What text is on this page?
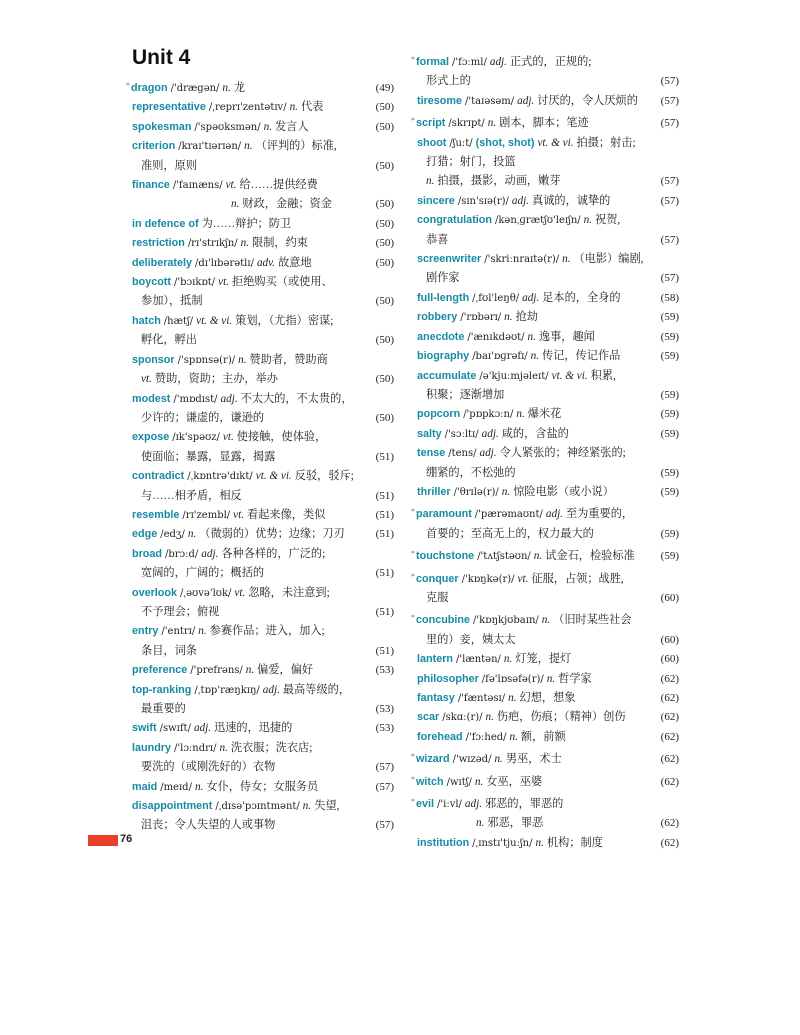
Unit 4
*dragon /'drægən/ n. 龙	(49)
representative /ˌreprɪ'zentətɪv/ n. 代表	(50)
spokesman /'spəʊksmən/ n. 发言人	(50)
criterion /kraɪ'tɪərɪən/ n. （评判的）标准,
准则，原则	(50)
finance /'faɪnæns/ vt. 给……提供经费
n. 财政，金融；资金	(50)
in defence of 为……辩护；防卫	(50)
restriction /rɪ'strɪkʃn/ n. 限制，约束	(50)
deliberately /dɪ'lɪbərətlɪ/ adv. 故意地	(50)
boycott /'bɔɪkɒt/ vt. 拒绝购买（或使用、
参加），抵制	(50)
hatch /hætʃ/ vt. & vi. 策划，（尤指）密谋;
孵化，孵出	(50)
sponsor /'spɒnsə(r)/ n. 赞助者，赞助商
vt. 赞助，资助；主办，举办	(50)
modest /'mɒdɪst/ adj. 不太大的，不太贵的，
少许的；谦虚的，谦逊的	(50)
expose /ɪk'spəʊz/ vt. 使接触，使体验，
使面临；暴露，显露，揭露	(51)
contradict /ˌkɒntrə'dɪkt/ vt. & vi. 反驳，驳斥;
与……相矛盾，相反	(51)
resemble /rɪ'zembl/ vt. 看起来像，类似	(51)
edge /edʒ/ n. （微弱的）优势；边缘；刀刃	(51)
broad /brɔːd/ adj. 各种各样的，广泛的;
宽阔的，广阔的；概括的	(51)
overlook /ˌəʊvə'lʊk/ vt. 忽略，未注意到;
不予理会；俯视	(51)
entry /'entrɪ/ n. 参赛作品；进入，加入;
条目，词条	(51)
preference /'prefrəns/ n. 偏爱，偏好	(53)
top-ranking /ˌtɒp'ræŋkɪŋ/ adj. 最高等级的，
最重要的	(53)
swift /swɪft/ adj. 迅速的，迅捷的	(53)
laundry /'lɔːndrɪ/ n. 洗衣服；洗衣店;
要洗的（或刚洗好的）衣物	(57)
maid /meɪd/ n. 女仆，侍女；女服务员	(57)
disappointment /ˌdɪsə'pɔɪntmənt/ n. 失望,
沮丧；令人失望的人或事物	(57)
*formal /'fɔːml/ adj. 正式的，正规的;
形式上的	(57)
tiresome /'taɪəsəm/ adj. 讨厌的，令人厌烦的	(57)
*script /skrɪpt/ n. 剧本，脚本；笔迹	(57)
shoot /ʃuːt/ (shot, shot) vt. & vi. 拍摄；射击;
打猎；射门，投篮
n. 拍摄，摄影，动画，嫩芽	(57)
sincere /sɪn'sɪə(r)/ adj. 真诚的，诚挚的	(57)
congratulation /kənˌɡrætʃʊ'leɪʃn/ n. 祝贺,
恭喜	(57)
screenwriter /'skriːnraɪtə(r)/ n. （电影）编剧,
剧作家	(57)
full-length /ˌfʊl'leŋθ/ adj. 足本的，全身的	(58)
robbery /'rɒbərɪ/ n. 抢劫	(59)
anecdote /'ænɪkdəʊt/ n. 逸事，趣闻	(59)
biography /baɪ'ɒɡrəfɪ/ n. 传记，传记作品	(59)
accumulate /ə'kjuːmjəleɪt/ vt. & vi. 积累,
积聚；逐渐增加	(59)
popcorn /'pɒpkɔːn/ n. 爆米花	(59)
salty /'sɔːltɪ/ adj. 咸的，含盐的	(59)
tense /tens/ adj. 令人紧张的；神经紧张的;
绷紧的，不松弛的	(59)
thriller /'θrɪlə(r)/ n. 惊险电影（或小说）	(59)
*paramount /'pærəmaʊnt/ adj. 至为重要的，
首要的；至高无上的，权力最大的	(59)
*touchstone /'tʌtʃstəʊn/ n. 试金石，检验标准	(59)
*conquer /'kɒŋkə(r)/ vt. 征服，占领；战胜,
克服	(60)
*concubine /'kɒŋkjʊbaɪn/ n. （旧时某些社会
里的）妾，姨太太	(60)
lantern /'læntən/ n. 灯笼，提灯	(60)
philosopher /fə'lɒsəfə(r)/ n. 哲学家	(62)
fantasy /'fæntəsɪ/ n. 幻想，想象	(62)
scar /skɑː(r)/ n. 伤疤，伤痕；（精神）创伤	(62)
forehead /'fɔːhed/ n. 额，前额	(62)
*wizard /'wɪzəd/ n. 男巫，术士	(62)
*witch /wɪtʃ/ n. 女巫，巫婆	(62)
*evil /'iːvl/ adj. 邪恶的，罪恶的
n. 邪恶，罪恶	(62)
institution /ˌɪnstɪ'tjuːʃn/ n. 机构；制度	(62)
76
